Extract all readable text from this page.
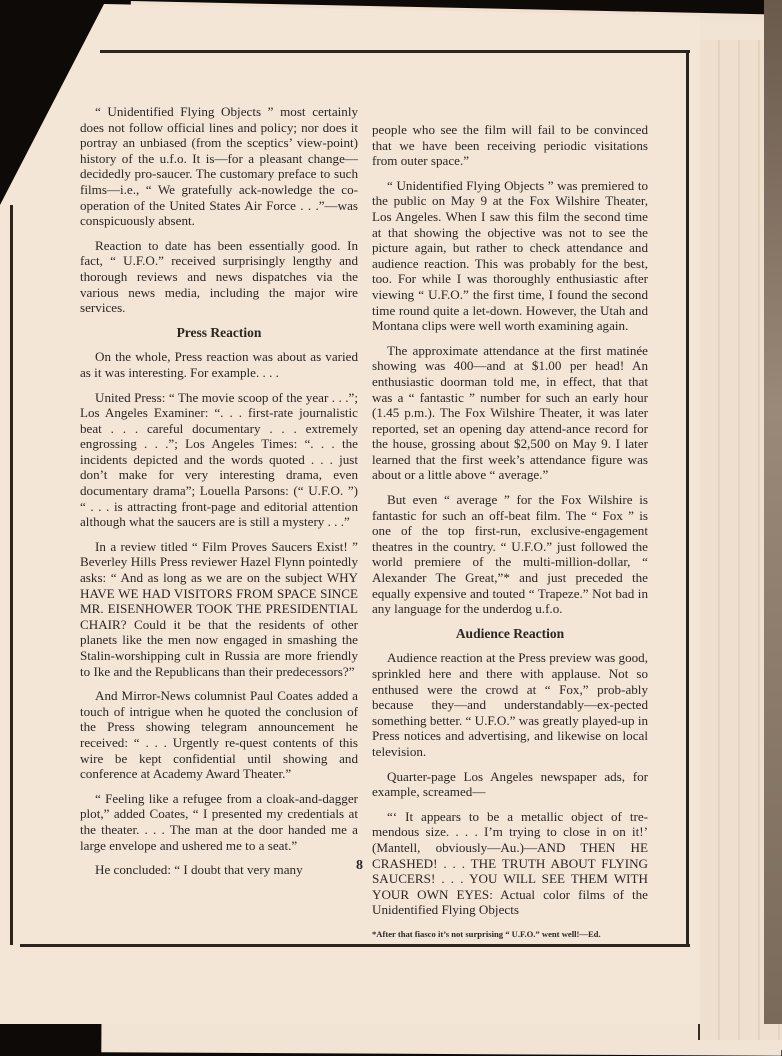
“ Unidentified Flying Objects ” most certainly does not follow official lines and policy; nor does it portray an unbiased (from the sceptics’ view-point) history of the u.f.o. It is—for a pleasant change—decidedly pro-saucer. The customary preface to such films—i.e., “ We gratefully ack-nowledge the co-operation of the United States Air Force . . .”—was conspicuously absent.

Reaction to date has been essentially good. In fact, “ U.F.O.” received surprisingly lengthy and thorough reviews and news dispatches via the various news media, including the major wire services.

Press Reaction

On the whole, Press reaction was about as varied as it was interesting. For example. . . .

United Press: “ The movie scoop of the year . . .”; Los Angeles Examiner: “. . . first-rate journalistic beat . . . careful documentary . . . extremely engrossing . . .”; Los Angeles Times: “. . . the incidents depicted and the words quoted . . . just don’t make for very interesting drama, even documentary drama”; Louella Parsons: (“ U.F.O. ”) “ . . . is attracting front-page and editorial attention although what the saucers are is still a mystery . . .”

In a review titled “ Film Proves Saucers Exist! ” Beverley Hills Press reviewer Hazel Flynn pointedly asks: “ And as long as we are on the subject WHY HAVE WE HAD VISITORS FROM SPACE SINCE MR. EISENHOWER TOOK THE PRESIDENTIAL CHAIR? Could it be that the residents of other planets like the men now engaged in smashing the Stalin-worshipping cult in Russia are more friendly to Ike and the Republicans than their predecessors?”

And Mirror-News columnist Paul Coates added a touch of intrigue when he quoted the conclusion of the Press showing telegram announcement he received: “ . . . Urgently re-quest contents of this wire be kept confidential until showing and conference at Academy Award Theater.”

“ Feeling like a refugee from a cloak-and-dagger plot,” added Coates, “ I presented my credentials at the theater. . . . The man at the door handed me a large envelope and ushered me to a seat.”

He concluded: “ I doubt that very many

people who see the film will fail to be convinced that we have been receiving periodic visitations from outer space.”

“ Unidentified Flying Objects ” was premiered to the public on May 9 at the Fox Wilshire Theater, Los Angeles. When I saw this film the second time at that showing the objective was not to see the picture again, but rather to check attendance and audience reaction. This was probably for the best, too. For while I was thoroughly enthusiastic after viewing “ U.F.O.” the first time, I found the second time round quite a let-down. However, the Utah and Montana clips were well worth examining again.

The approximate attendance at the first matinée showing was 400—and at $1.00 per head! An enthusiastic doorman told me, in effect, that that was a “ fantastic ” number for such an early hour (1.45 p.m.). The Fox Wilshire Theater, it was later reported, set an opening day attend-ance record for the house, grossing about $2,500 on May 9. I later learned that the first week’s attendance figure was about or a little above “ average.”

But even “ average ” for the Fox Wilshire is fantastic for such an off-beat film. The “ Fox ” is one of the top first-run, exclusive-engagement theatres in the country. “ U.F.O.” just followed the world premiere of the multi-million-dollar, “ Alexander The Great,”* and just preceded the equally expensive and touted “ Trapeze.” Not bad in any language for the underdog u.f.o.

Audience Reaction

Audience reaction at the Press preview was good, sprinkled here and there with applause. Not so enthused were the crowd at “ Fox,” prob-ably because they—and understandably—ex-pected something better. “ U.F.O.” was greatly played-up in Press notices and advertising, and likewise on local television.

Quarter-page Los Angeles newspaper ads, for example, screamed—

“‘ It appears to be a metallic object of tre-mendous size. . . . I’m trying to close in on it!’ (Mantell, obviously—Au.)—AND THEN HE CRASHED! . . . THE TRUTH ABOUT FLYING SAUCERS! . . . YOU WILL SEE THEM WITH YOUR OWN EYES: Actual color films of the Unidentified Flying Objects

*After that fiasco it’s not surprising “ U.F.O.” went well!—Ed.

8
